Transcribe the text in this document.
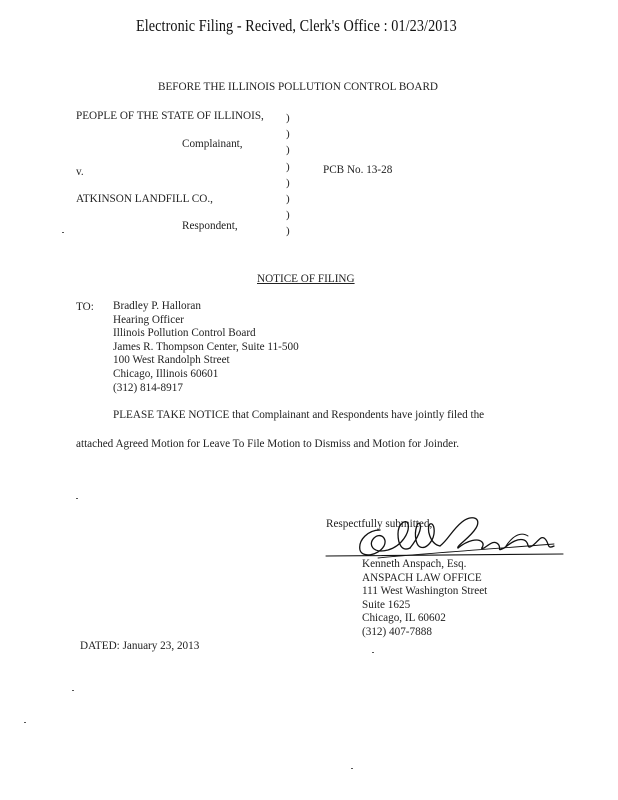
Electronic Filing - Recived, Clerk's Office : 01/23/2013
BEFORE THE ILLINOIS POLLUTION CONTROL BOARD
PEOPLE OF THE STATE OF ILLINOIS,
Complainant,
v.	PCB No. 13-28
ATKINSON LANDFILL CO.,
Respondent,
)
)
)
)
)
)
)
)
NOTICE OF FILING
TO: Bradley P. Halloran
Hearing Officer
Illinois Pollution Control Board
James R. Thompson Center, Suite 11-500
100 West Randolph Street
Chicago, Illinois 60601
(312) 814-8917
PLEASE TAKE NOTICE that Complainant and Respondents have jointly filed the
attached Agreed Motion for Leave To File Motion to Dismiss and Motion for Joinder.
Respectfully submitted,
Kenneth Anspach, Esq.
ANSPACH LAW OFFICE
111 West Washington Street
Suite 1625
Chicago, IL 60602
(312) 407-7888
DATED: January 23, 2013
